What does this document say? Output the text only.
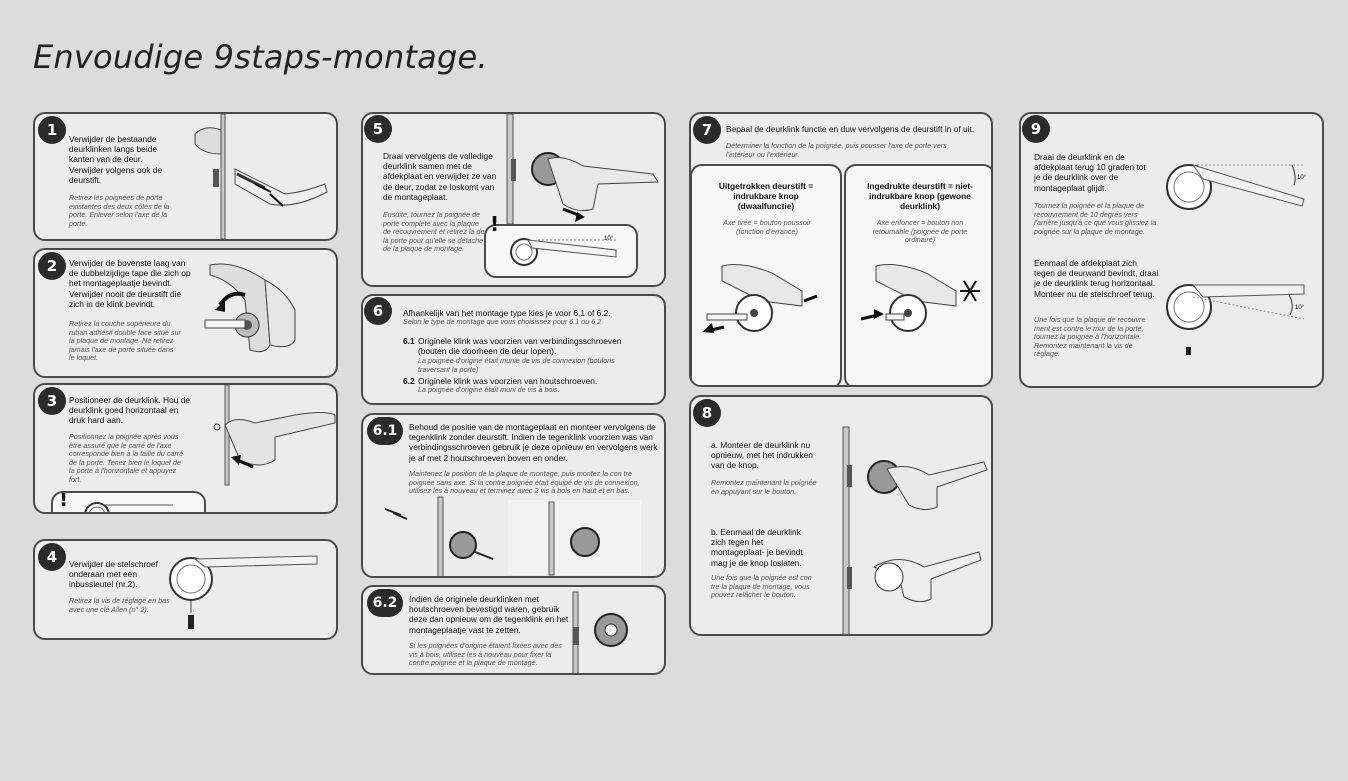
Envoudige 9staps-montage.
1	Verwijder de bestaande deurklinken langs beide kanten van de deur. Verwijder volgens ook de deurstift.
Retirez les poignées de porte existantes des deux côtés de la porte. Enlever selon l'axe de la porte.
2	Verwijder de bovenste laag van de dubbelzijdige tape die zich op het montageplaatje bevindt. Verwijder nooit de deurstift die zich in de klink bevindt.
Retirez la couche supérieure du ruban adhésif double face situé sur la plaque de montage. Ne retirez jamais l'axe de porte située dans le loquet.
3	Positioneer de deurklink. Hou de deurklink goed horizontaal en druk hard aan.
Positionnez la poignée après vous être assuré que le carré de l'axe corresponde bien à la taille du carré de la porte. Tenez bien le loquet de la porte à l'horizontale et appuyez fort.
!
4	Verwijder de stelschroef onderaan met een inbussleutel (nr.2).
Retirez la vis de réglage en bas avec une clé Allen (n° 2).
5
Draai vervolgens de volledige deurklink samen met de afdekplaat en verwijder ze van de deur, zodat ze loskomt van de montageplaat.
Ensuite, tournez la poignée de porte complète avec la plaque de recouvrement et retirez la de la porte pour qu'elle se détache de la plaque de montage.
10°
!
6	Afhankelijk van het montage type kies je voor 6.1 of 6.2.
Selon le type de montage que vous choisissez pour 6.1 ou 6.2
6.1 Originele klink was voorzien van verbindingsschroeven (bouten die doorheen de deur lopen).
La poignée d'origine était munie de vis de connexion (boulons traversant la porte)
6.2 Originele klink was voorzien van houtschroeven.
La poignée d'origine était muni de vis à bois.
6.1	Behoud de positie van de montageplaat en monteer vervolgens de tegenklink zonder deurstift. Indien de tegenklink voorzien was van verbindingsschroeven gebruik je deze opnieuw en vervolgens werk je af met 2 houtschroeven boven en onder.
Maintenez la position de la plaque de montage, puis montez la con tre poignée sans axe. Si la contre poignée était équipé de vis de connexion, utilisez les à nouveau et terminez avec 2 vis à bois en haut et en bas.
6.2	Indien de originele deurklinken met houtschroeven bevestigd waren, gebruik deze dan opnieuw om de tegenklink en het montageplaatje vast te zetten.
Si les poignées d'origine étaient fixées avec des vis à bois, utilisez les à nouveau pour fixer la contre poignée et la plaque de montage.
7	Bepaal de deurklink functie en duw vervolgens de deurstift in of uit.
Déterminer la fonction de la poignée, puis pousser l'axe de porte vers l'intérieur ou l'extérieur.
Uitgetrokken deurstift = indrukbare knop (dwaalfunctie)
Axe tirée = bouton poussoir (fonction d'errance)
Ingedrukte deurstift = niet-indrukbare knop (gewone deurklink)
Axe enfoncer = bouton non retournable (poignée de porte ordinaire)
8
a. Monteer de deurklink nu opnieuw, met het indrukken van de knop.
Remontez maintenant la poignée en appuyant sur le bouton.
b. Eenmaal de deurklink zich tegen het montageplaat- je bevindt mag je de knop loslaten.
Une fois que la poignée est con tre la plaque de montage, vous pouvez relâcher le bouton.
9
Draai de deurklink en de afdekplaat terug 10 graden tot je de deurklink over de montageplaat glijdt.
Tournez la poignée et la plaque de recouvrement de 10 degrés vers l'arrière jusqu'à ce que vous glissiez la poignée sur la plaque de montage.
Eenmaal de afdekplaat zich tegen de deurwand bevindt, draai je de deurklink terug horizontaal. Monteer nu de stelschroef terug.
Une fois que la plaque de recouvre ment est contre le mur de la porte, tournez la poignée à l'horizontale. Remontez maintenant la vis de réglage.
10°
10°
